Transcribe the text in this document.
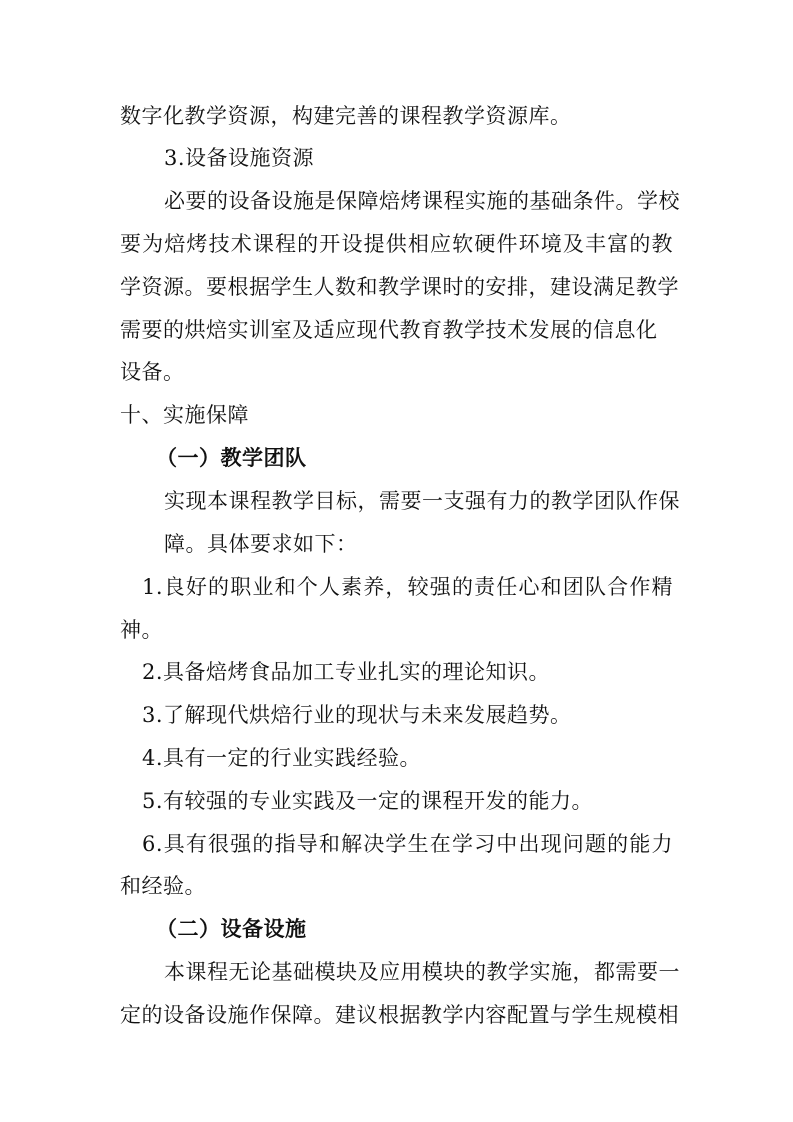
数字化教学资源，构建完善的课程教学资源库。
3.设备设施资源
必要的设备设施是保障焙烤课程实施的基础条件。学校
要为焙烤技术课程的开设提供相应软硬件环境及丰富的教
学资源。要根据学生人数和教学课时的安排，建设满足教学
需要的烘焙实训室及适应现代教育教学技术发展的信息化
设备。
十、实施保障
（一）教学团队
实现本课程教学目标，需要一支强有力的教学团队作保
障。具体要求如下：
1.良好的职业和个人素养，较强的责任心和团队合作精
神。
2.具备焙烤食品加工专业扎实的理论知识。
3.了解现代烘焙行业的现状与未来发展趋势。
4.具有一定的行业实践经验。
5.有较强的专业实践及一定的课程开发的能力。
6.具有很强的指导和解决学生在学习中出现问题的能力
和经验。
（二）设备设施
本课程无论基础模块及应用模块的教学实施，都需要一
定的设备设施作保障。建议根据教学内容配置与学生规模相
